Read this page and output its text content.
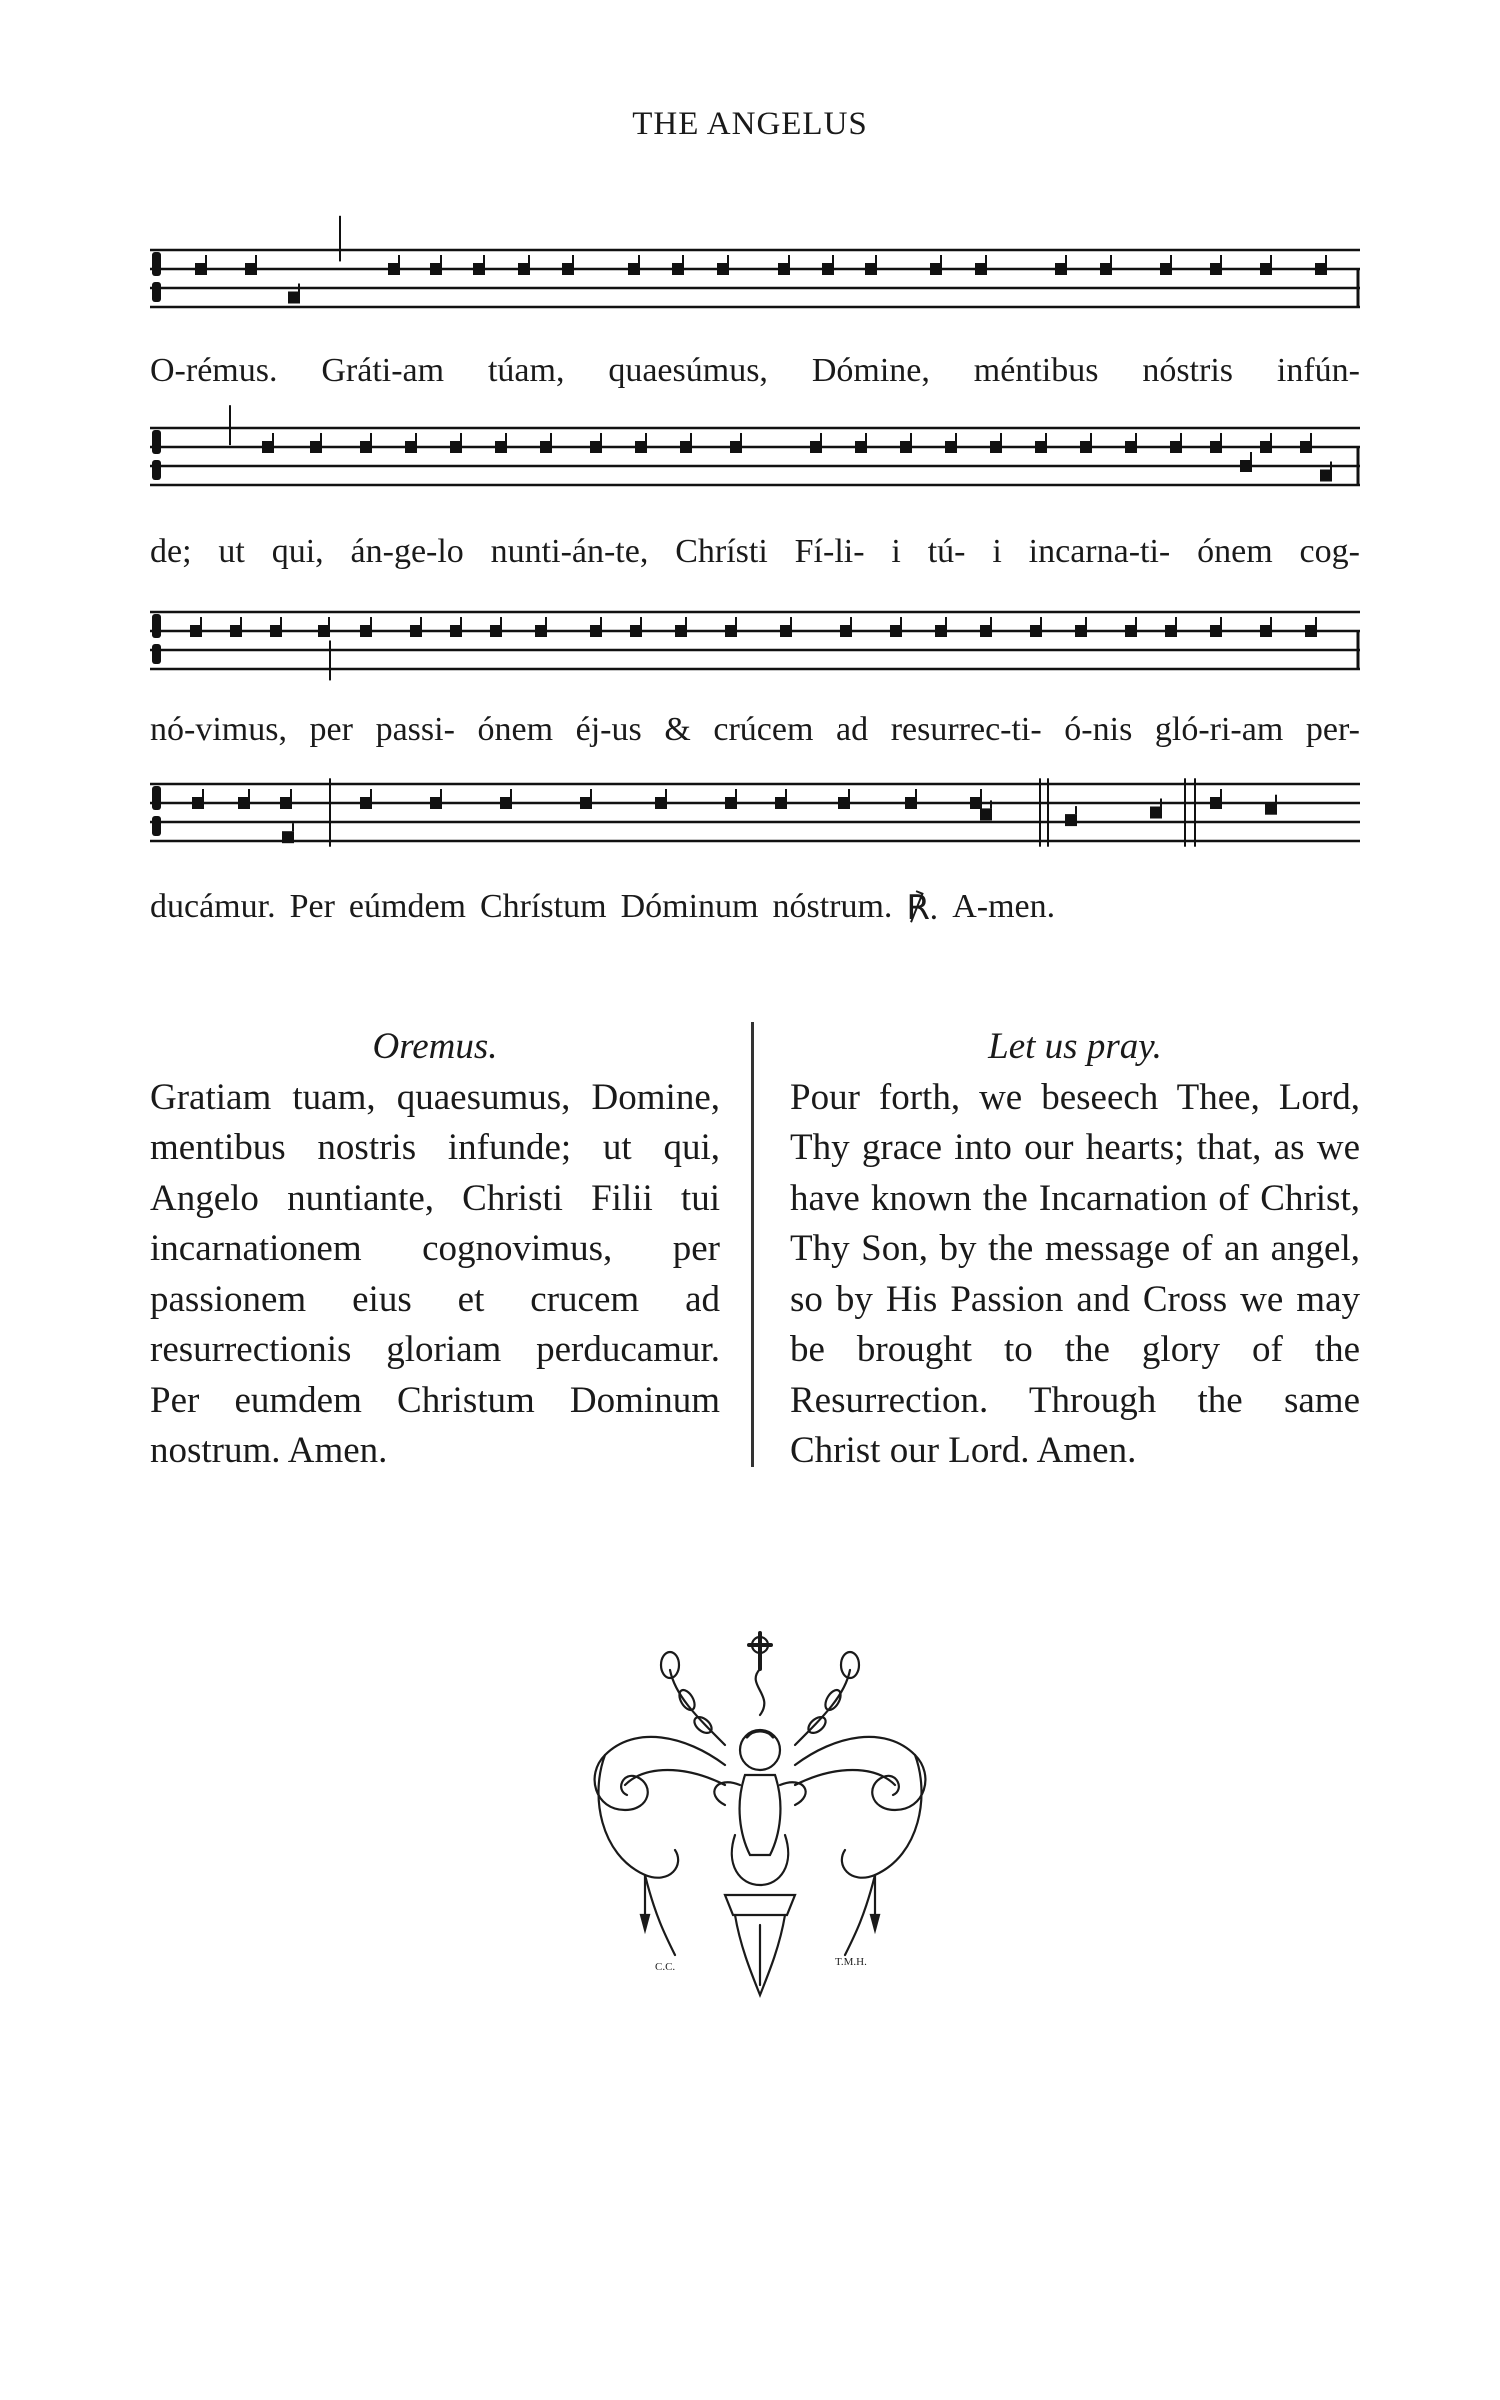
THE ANGELUS
O-rémus. Gráti-am túam, quaesúmus, Dómine, méntibus nóstris infún-
de; ut qui, án-ge-lo nunti-án-te, Chrísti Fí-li- i tú- i incarna-ti- ónem cog-
nó-vimus, per passi- ónem éj-us & crúcem ad resurrec-ti- ó-nis gló-ri-am per-
ducámur. Per eúmdem Chrístum Dóminum nóstrum. ℟. A-men.
Oremus.

Gratiam tuam, quaesumus, Domine, mentibus nostris infunde; ut qui, Angelo nuntiante, Christi Filii tui incarnationem cognovimus, per passionem eius et crucem ad resurrectionis gloriam perducamur. Per eumdem Christum Dominum nostrum. Amen.

Let us pray.

Pour forth, we beseech Thee, Lord, Thy grace into our hearts; that, as we have known the Incarnation of Christ, Thy Son, by the message of an angel, so by His Passion and Cross we may be brought to the glory of the Resurrection. Through the same Christ our Lord. Amen.

C.C.	T.M.H.
